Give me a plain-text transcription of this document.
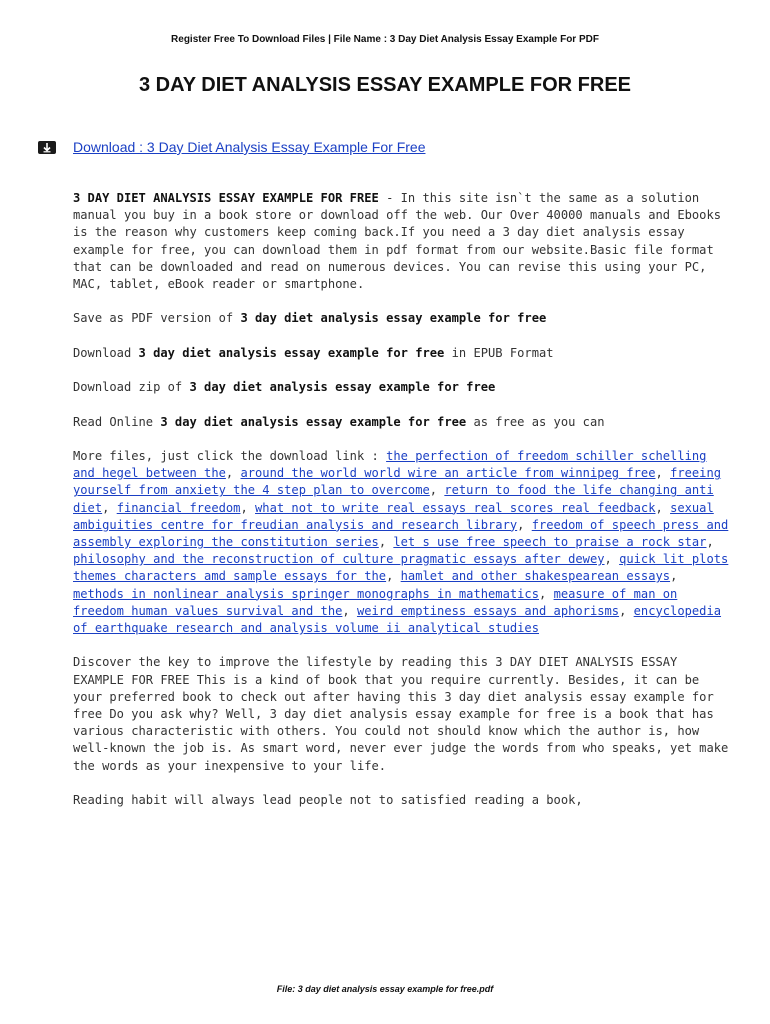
Register Free To Download Files | File Name : 3 Day Diet Analysis Essay Example For PDF
3 DAY DIET ANALYSIS ESSAY EXAMPLE FOR FREE
Download : 3 Day Diet Analysis Essay Example For Free

3 DAY DIET ANALYSIS ESSAY EXAMPLE FOR FREE - In this site isn`t the same as a solution manual you buy in a book store or download off the web. Our Over 40000 manuals and Ebooks is the reason why customers keep coming back.If you need a 3 day diet analysis essay example for free, you can download them in pdf format from our website.Basic file format that can be downloaded and read on numerous devices. You can revise this using your PC, MAC, tablet, eBook reader or smartphone.

Save as PDF version of 3 day diet analysis essay example for free

Download 3 day diet analysis essay example for free in EPUB Format

Download zip of 3 day diet analysis essay example for free

Read Online 3 day diet analysis essay example for free as free as you can

More files, just click the download link : the perfection of freedom schiller schelling and hegel between the, around the world world wire an article from winnipeg free, freeing yourself from anxiety the 4 step plan to overcome, return to food the life changing anti diet, financial freedom, what not to write real essays real scores real feedback, sexual ambiguities centre for freudian analysis and research library, freedom of speech press and assembly exploring the constitution series, let s use free speech to praise a rock star, philosophy and the reconstruction of culture pragmatic essays after dewey, quick lit plots themes characters amd sample essays for the, hamlet and other shakespearean essays, methods in nonlinear analysis springer monographs in mathematics, measure of man on freedom human values survival and the, weird emptiness essays and aphorisms, encyclopedia of earthquake research and analysis volume ii analytical studies

Discover the key to improve the lifestyle by reading this 3 DAY DIET ANALYSIS ESSAY EXAMPLE FOR FREE This is a kind of book that you require currently. Besides, it can be your preferred book to check out after having this 3 day diet analysis essay example for free Do you ask why? Well, 3 day diet analysis essay example for free is a book that has various characteristic with others. You could not should know which the author is, how well-known the job is. As smart word, never ever judge the words from who speaks, yet make the words as your inexpensive to your life.

Reading habit will always lead people not to satisfied reading a book,

File: 3 day diet analysis essay example for free.pdf
